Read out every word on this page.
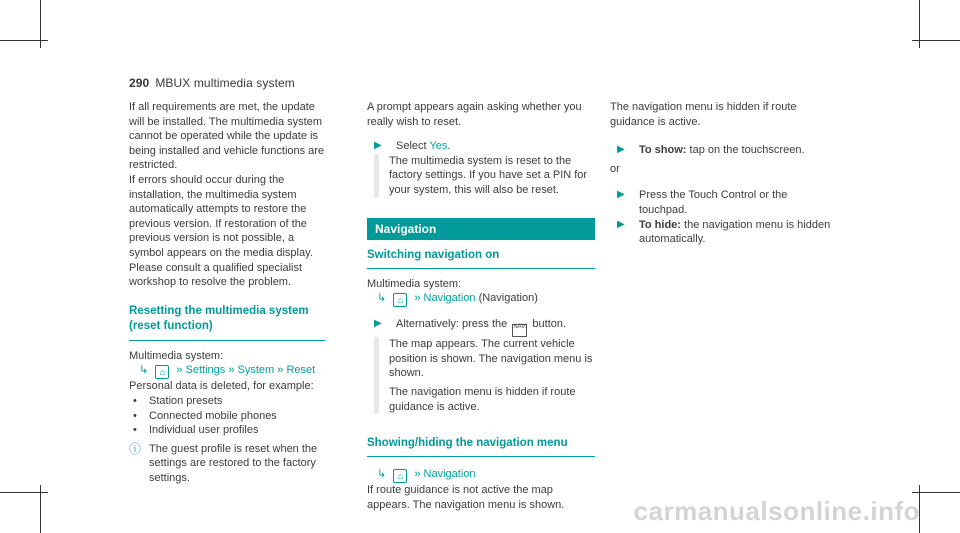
290 MBUX multimedia system

If all requirements are met, the update will be installed. The multimedia system cannot be operated while the update is being installed and vehicle functions are restricted.

If errors should occur during the installation, the multimedia system automatically attempts to restore the previous version. If restoration of the previous version is not possible, a symbol appears on the media display. Please consult a qualified specialist workshop to resolve the problem.

Resetting the multimedia system (reset function)

Multimedia system:

↳ ⌂ » Settings » System » Reset

Personal data is deleted, for example:

•	Station presets
•	Connected mobile phones
•	Individual user profiles
ⓘ The guest profile is reset when the settings are restored to the factory settings.

A prompt appears again asking whether you really wish to reset.

▶	Select Yes.

The multimedia system is reset to the factory settings. If you have set a PIN for your system, this will also be reset.

Navigation
Switching navigation on

Multimedia system:

↳ ⌂ » Navigation (Navigation)
▶	Alternatively: press the NAVI button.

The map appears. The current vehicle position is shown. The navigation menu is shown.

The navigation menu is hidden if route guidance is active.

Showing/hiding the navigation menu
↳ ⌂ » Navigation

If route guidance is not active the map appears. The navigation menu is shown.

The navigation menu is hidden if route guidance is active.

▶	To show: tap on the touchscreen.

or

▶	Press the Touch Control or the touchpad.
▶	To hide: the navigation menu is hidden automatically.
carmanualsonline.info
